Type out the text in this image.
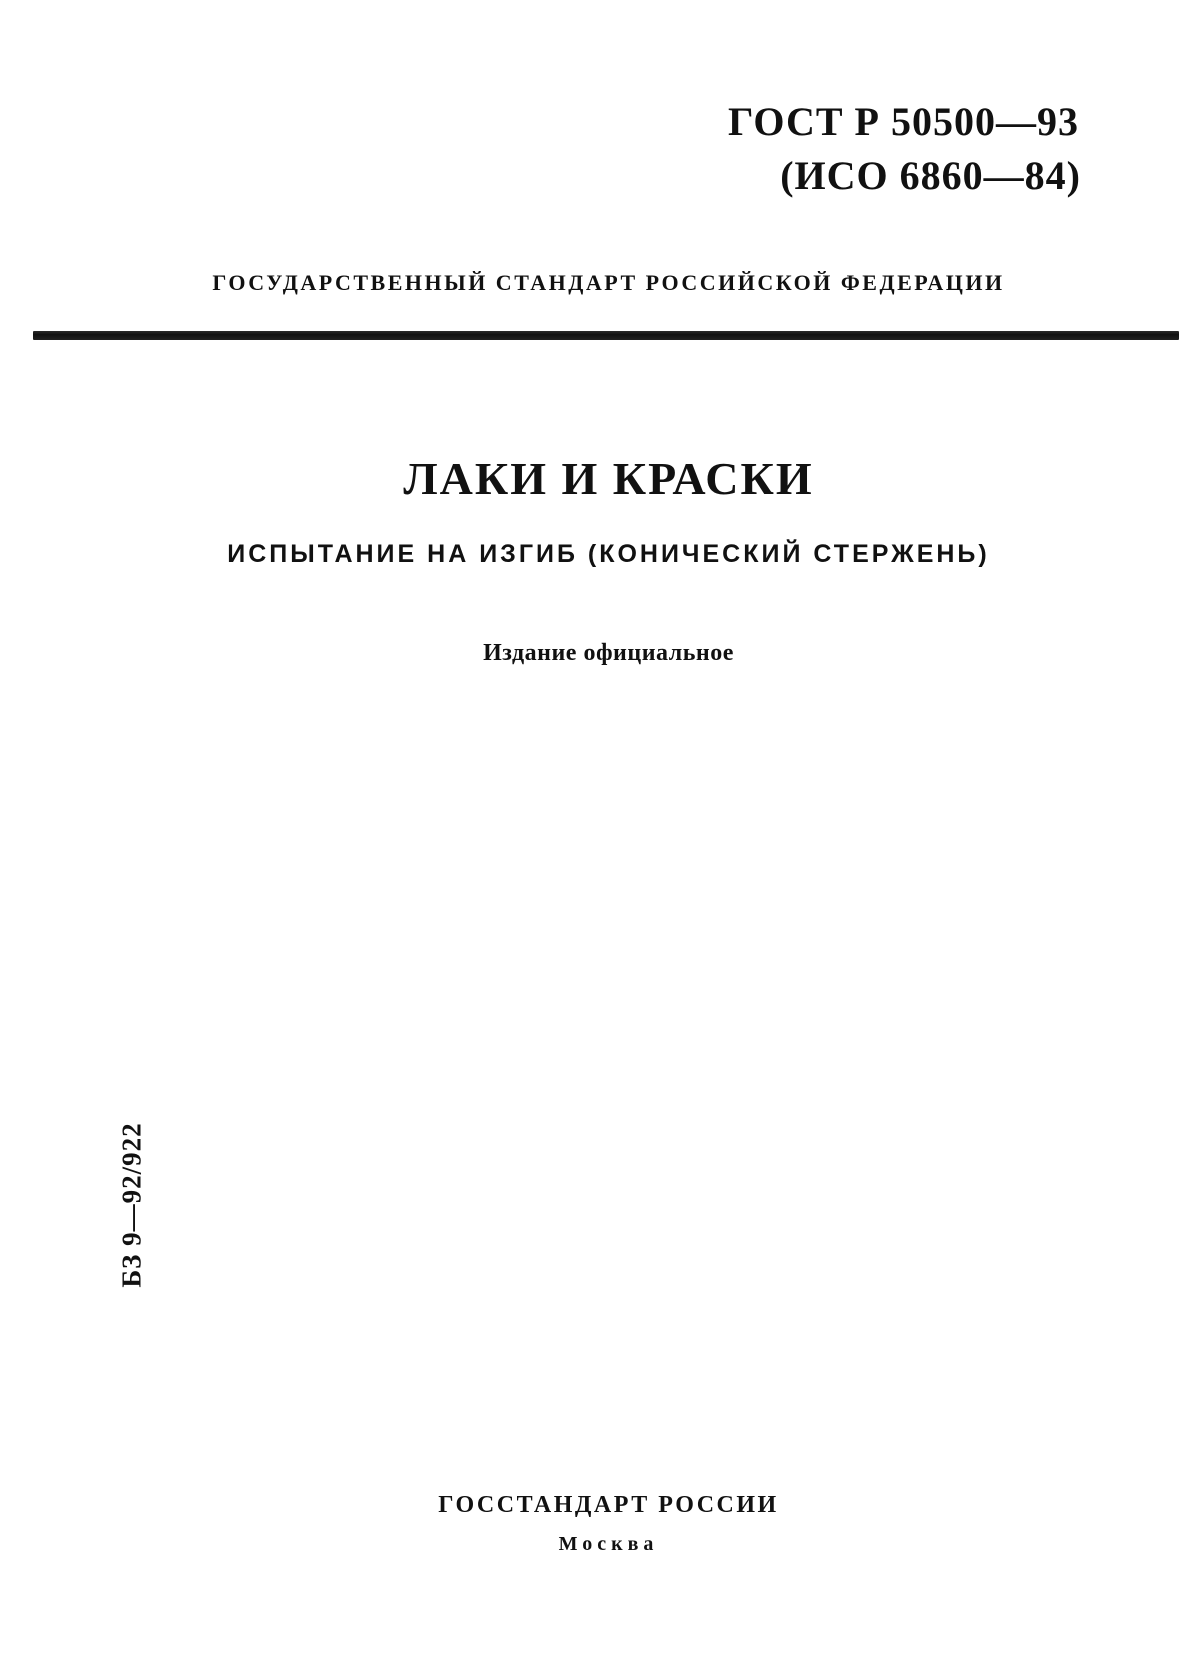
ГОСТ Р 50500—93
(ИСО 6860—84)
ГОСУДАРСТВЕННЫЙ СТАНДАРТ РОССИЙСКОЙ ФЕДЕРАЦИИ
ЛАКИ И КРАСКИ
ИСПЫТАНИЕ НА ИЗГИБ (КОНИЧЕСКИЙ СТЕРЖЕНЬ)
Издание официальное
БЗ 9—92/922
ГОССТАНДАРТ РОССИИ
Москва
